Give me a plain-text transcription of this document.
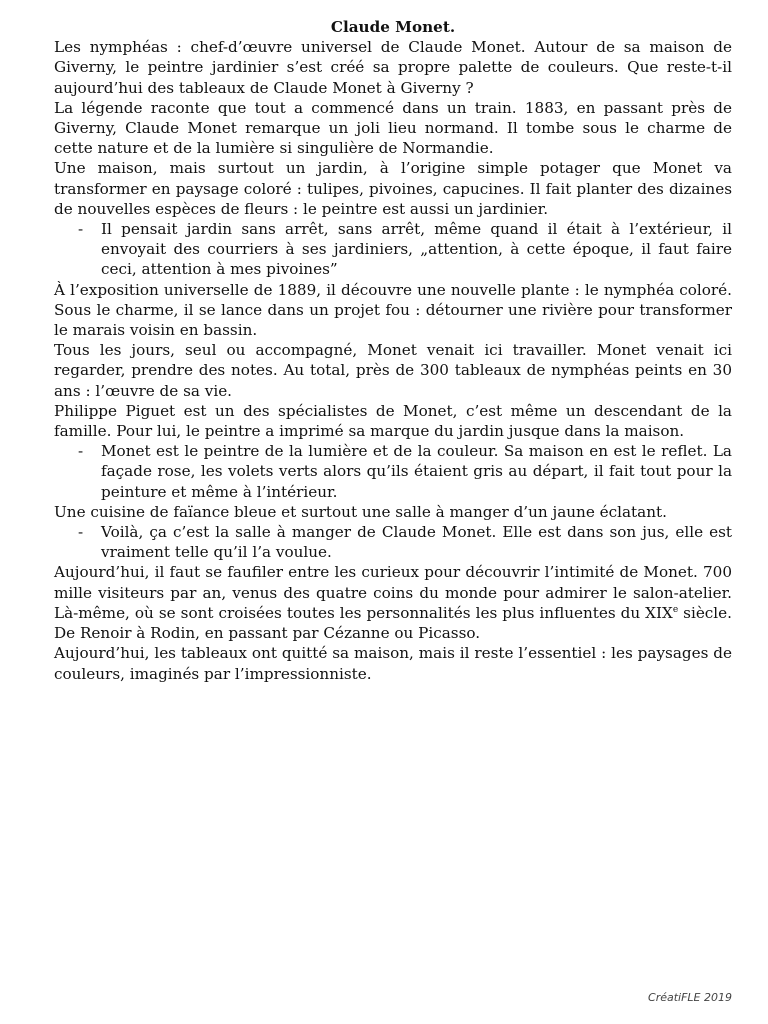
Claude Monet.

Les nymphéas : chef-d’œuvre universel de Claude Monet. Autour de sa maison de Giverny, le peintre jardinier s’est créé sa propre palette de couleurs. Que reste-t-il aujourd’hui des tableaux de Claude Monet à Giverny ?

La légende raconte que tout a commencé dans un train. 1883, en passant près de Giverny, Claude Monet remarque un joli lieu normand. Il tombe sous le charme de cette nature et de la lumière si singulière de Normandie.

Une maison, mais surtout un jardin, à l’origine simple potager que Monet va transformer en paysage coloré : tulipes, pivoines, capucines. Il fait planter des dizaines de nouvelles espèces de fleurs : le peintre est aussi un jardinier.

- Il pensait jardin sans arrêt, sans arrêt, même quand il était à l’extérieur, il envoyait des courriers à ses jardiniers, „attention, à cette époque, il faut faire ceci, attention à mes pivoines”

À l’exposition universelle de 1889, il découvre une nouvelle plante : le nymphéa coloré. Sous le charme, il se lance dans un projet fou : détourner une rivière pour transformer le marais voisin en bassin.

Tous les jours, seul ou accompagné, Monet venait ici travailler. Monet venait ici regarder, prendre des notes. Au total, près de 300 tableaux de nymphéas peints en 30 ans : l’œuvre de sa vie.

Philippe Piguet est un des spécialistes de Monet, c’est même un descendant de la famille. Pour lui, le peintre a imprimé sa marque du jardin jusque dans la maison.

- Monet est le peintre de la lumière et de la couleur. Sa maison en est le reflet. La façade rose, les volets verts alors qu’ils étaient gris au départ, il fait tout pour la peinture et même à l’intérieur.

Une cuisine de faïance bleue et surtout une salle à manger d’un jaune éclatant.

- Voilà, ça c’est la salle à manger de Claude Monet. Elle est dans son jus, elle est vraiment telle qu’il l’a voulue.

Aujourd’hui, il faut se faufiler entre les curieux pour découvrir l’intimité de Monet. 700 mille visiteurs par an, venus des quatre coins du monde pour admirer le salon-atelier. Là-même, où se sont croisées toutes les personnalités les plus influentes du XIXe siècle. De Renoir à Rodin, en passant par Cézanne ou Picasso.

Aujourd’hui, les tableaux ont quitté sa maison, mais il reste l’essentiel : les paysages de couleurs, imaginés par l’impressionniste.

CréatiFLE 2019
